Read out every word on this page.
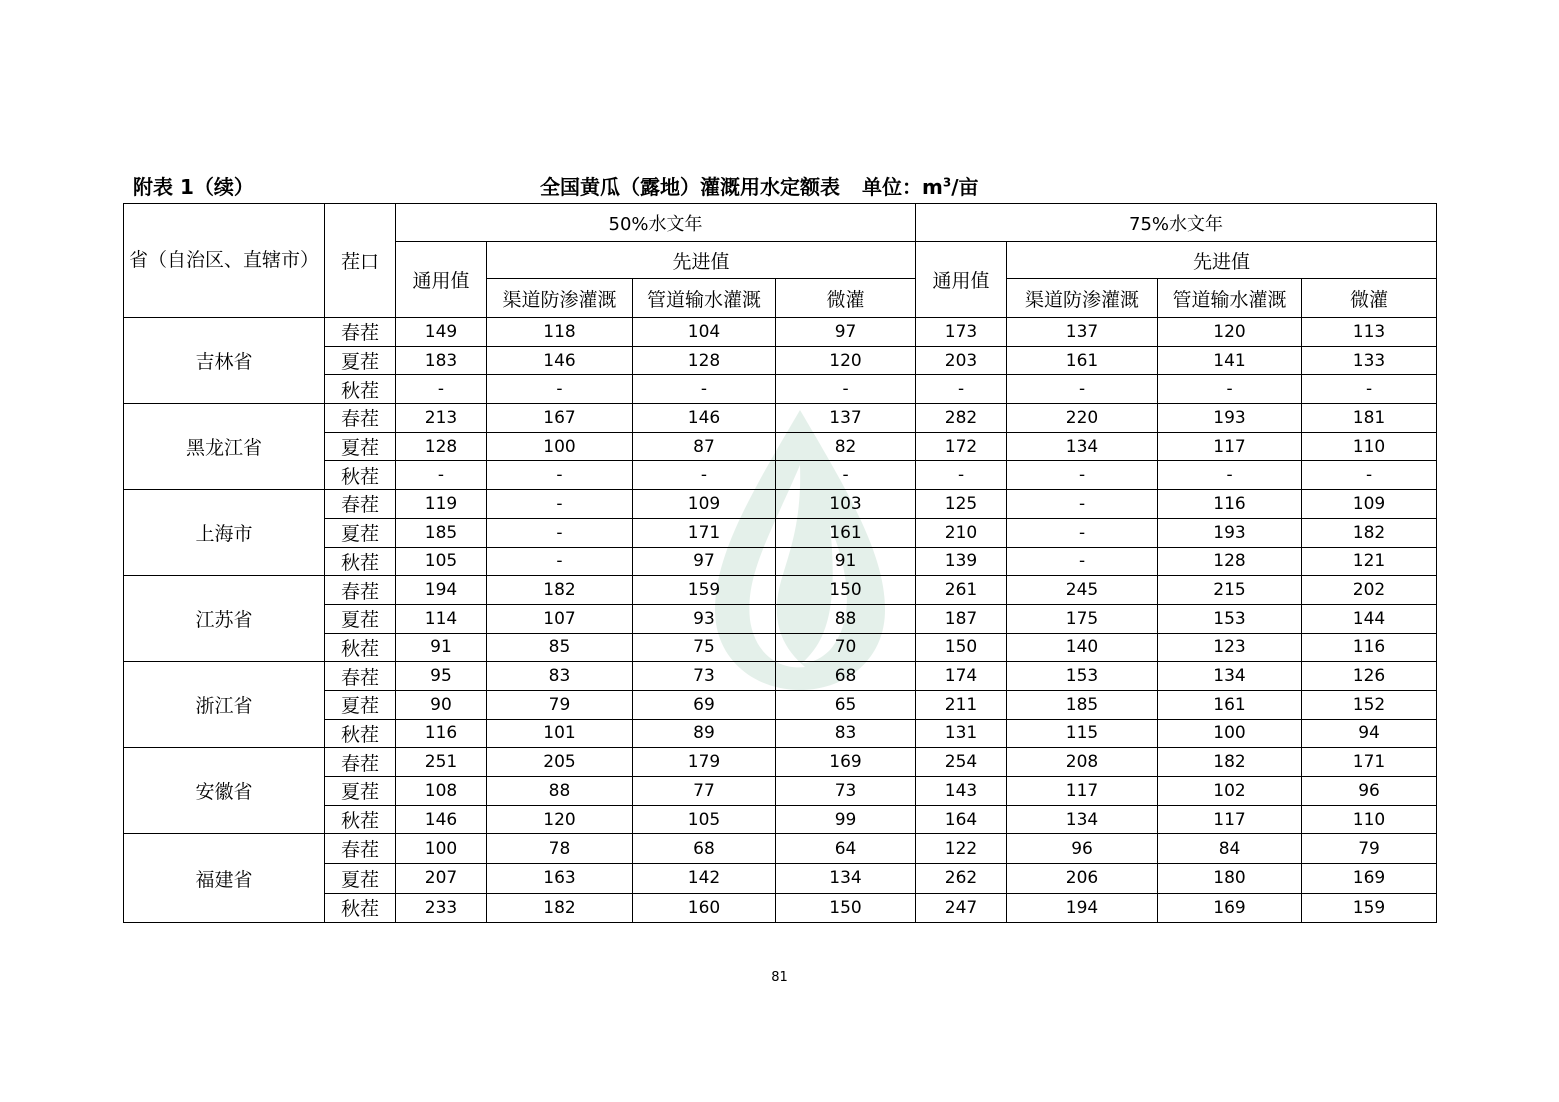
附表 1（续）	全国黄瓜（露地）灌溉用水定额表 单位：$m^3/$亩
省（自治区、直辖市）	茬口	50%水文年				75%水文年			
		通用值	先进值			通用值	先进值		
			渠道防渗灌溉	管道输水灌溉	微灌		渠道防渗灌溉	管道输水灌溉	微灌
吉林省	春茬	149	118	104	97	173	137	120	113
	夏茬	183	146	128	120	203	161	141	133
	秋茬	-	-	-	-	-	-	-	-
黑龙江省	春茬	213	167	146	137	282	220	193	181
	夏茬	128	100	87	82	172	134	117	110
	秋茬	-	-	-	-	-	-	-	-
上海市	春茬	119	-	109	103	125	-	116	109
	夏茬	185	-	171	161	210	-	193	182
	秋茬	105	-	97	91	139	-	128	121
江苏省	春茬	194	182	159	150	261	245	215	202
	夏茬	114	107	93	88	187	175	153	144
	秋茬	91	85	75	70	150	140	123	116
浙江省	春茬	95	83	73	68	174	153	134	126
	夏茬	90	79	69	65	211	185	161	152
	秋茬	116	101	89	83	131	115	100	94
安徽省	春茬	251	205	179	169	254	208	182	171
	夏茬	108	88	77	73	143	117	102	96
	秋茬	146	120	105	99	164	134	117	110
福建省	春茬	100	78	68	64	122	96	84	79
	夏茬	207	163	142	134	262	206	180	169
	秋茬	233	182	160	150	247	194	169	159
81
